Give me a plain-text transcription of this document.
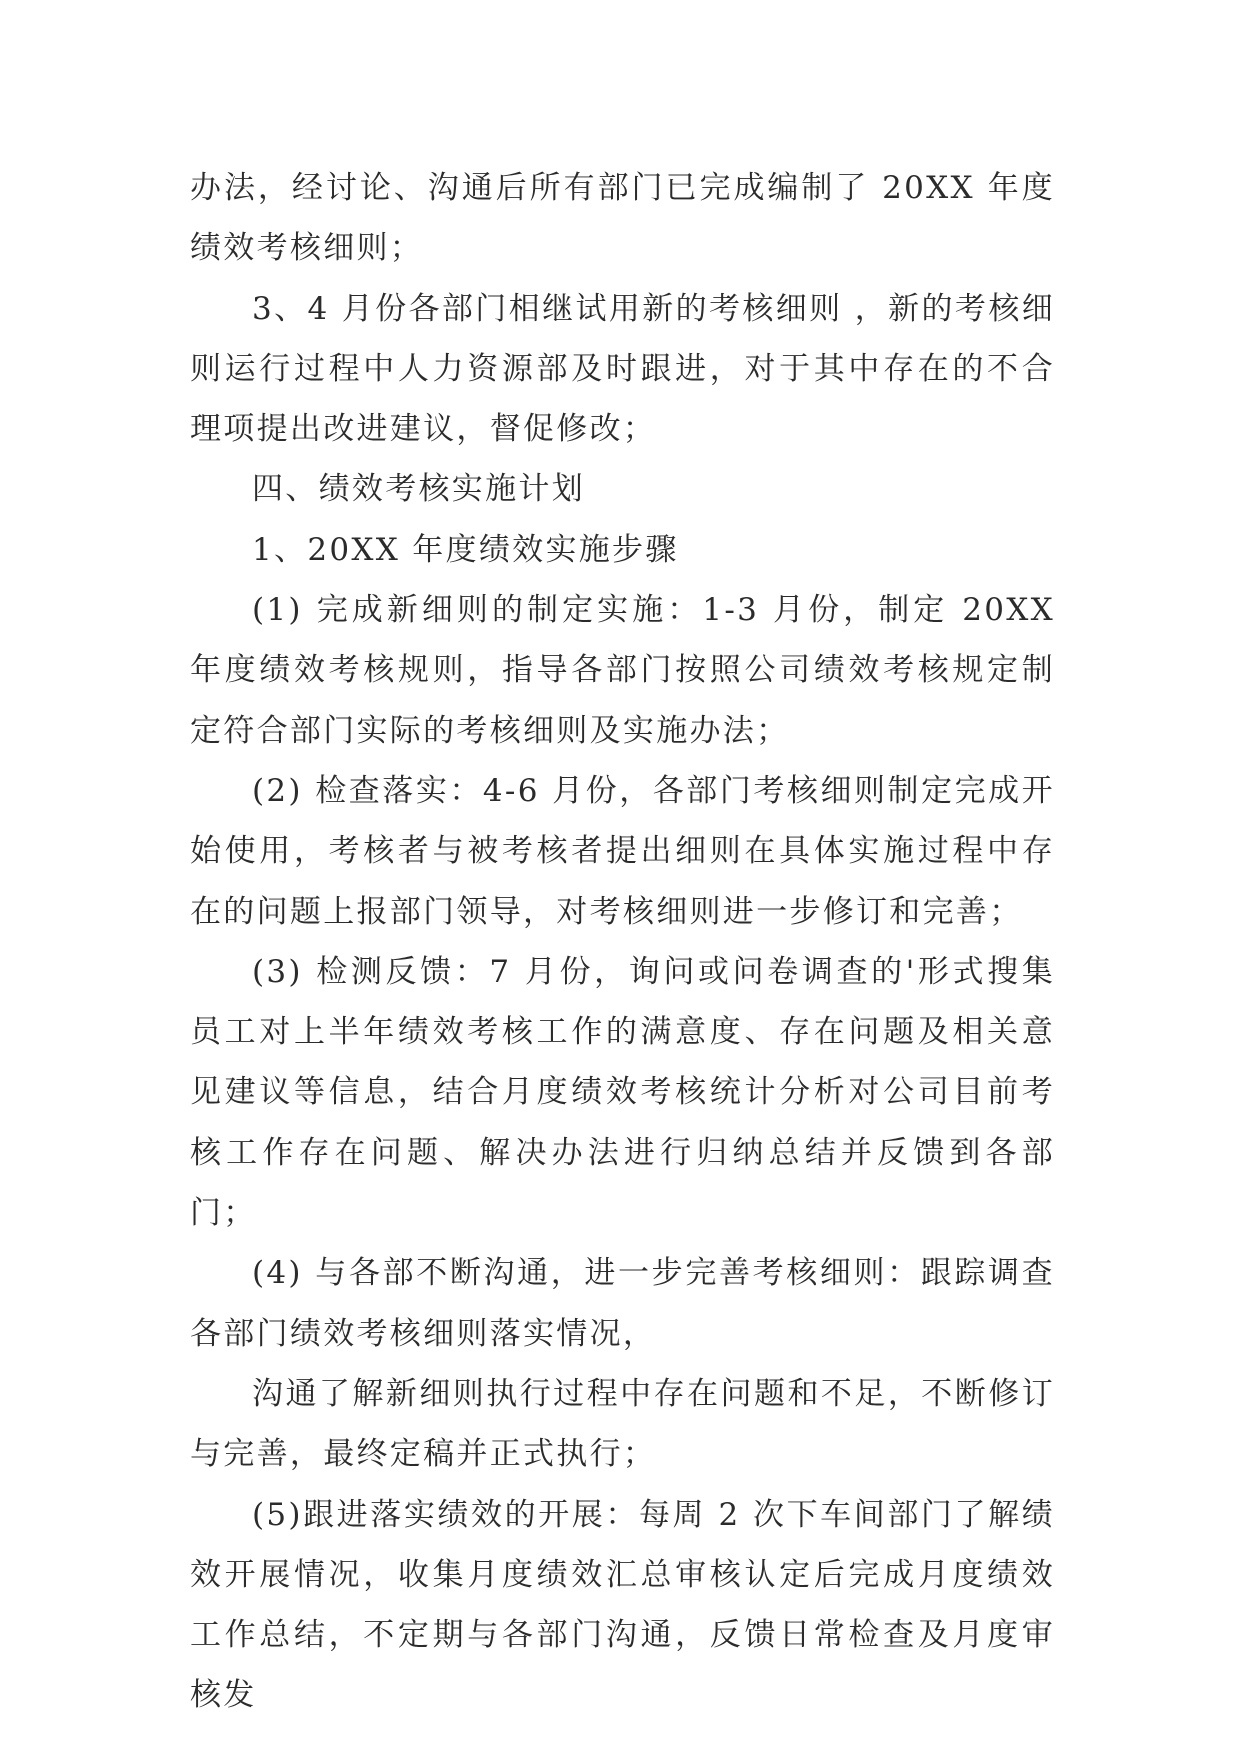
办法，经讨论、沟通后所有部门已完成编制了 20XX 年度绩效考核细则；

3、4 月份各部门相继试用新的考核细则 ，新的考核细则运行过程中人力资源部及时跟进，对于其中存在的不合理项提出改进建议，督促修改；

四、绩效考核实施计划

1、20XX 年度绩效实施步骤

(1) 完成新细则的制定实施：1-3 月份，制定 20XX 年度绩效考核规则，指导各部门按照公司绩效考核规定制定符合部门实际的考核细则及实施办法；

(2) 检查落实：4-6 月份，各部门考核细则制定完成开始使用，考核者与被考核者提出细则在具体实施过程中存在的问题上报部门领导，对考核细则进一步修订和完善；

(3) 检测反馈：7 月份，询问或问卷调查的'形式搜集员工对上半年绩效考核工作的满意度、存在问题及相关意见建议等信息，结合月度绩效考核统计分析对公司目前考核工作存在问题、解决办法进行归纳总结并反馈到各部门；

(4) 与各部不断沟通，进一步完善考核细则：跟踪调查各部门绩效考核细则落实情况，

沟通了解新细则执行过程中存在问题和不足，不断修订与完善，最终定稿并正式执行；

(5)跟进落实绩效的开展：每周 2 次下车间部门了解绩效开展情况，收集月度绩效汇总审核认定后完成月度绩效工作总结，不定期与各部门沟通，反馈日常检查及月度审核发
